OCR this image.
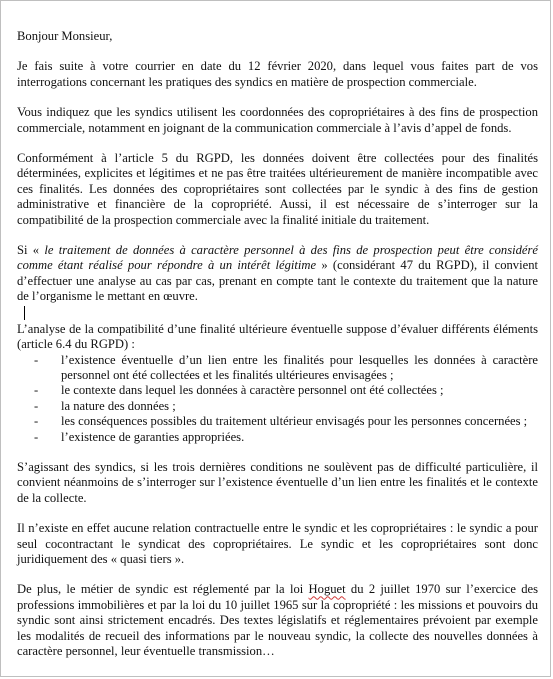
Bonjour Monsieur,

Je fais suite à votre courrier en date du 12 février 2020, dans lequel vous faites part de vos interrogations concernant les pratiques des syndics en matière de prospection commerciale.

Vous indiquez que les syndics utilisent les coordonnées des copropriétaires à des fins de prospection commerciale, notamment en joignant de la communication commerciale à l’avis d’appel de fonds.

Conformément à l’article 5 du RGPD, les données doivent être collectées pour des finalités déterminées, explicites et légitimes et ne pas être traitées ultérieurement de manière incompatible avec ces finalités. Les données des copropriétaires sont collectées par le syndic à des fins de gestion administrative et financière de la copropriété. Aussi, il est nécessaire de s’interroger sur la compatibilité de la prospection commerciale avec la finalité initiale du traitement.

Si « le traitement de données à caractère personnel à des fins de prospection peut être considéré comme étant réalisé pour répondre à un intérêt légitime » (considérant 47 du RGPD), il convient d’effectuer une analyse au cas par cas, prenant en compte tant le contexte du traitement que la nature de l’organisme le mettant en œuvre.

L’analyse de la compatibilité d’une finalité ultérieure éventuelle suppose d’évaluer différents éléments (article 6.4 du RGPD) :

- l’existence éventuelle d’un lien entre les finalités pour lesquelles les données à caractère personnel ont été collectées et les finalités ultérieures envisagées ;
- le contexte dans lequel les données à caractère personnel ont été collectées ;
- la nature des données ;
- les conséquences possibles du traitement ultérieur envisagés pour les personnes concernées ;
- l’existence de garanties appropriées.

S’agissant des syndics, si les trois dernières conditions ne soulèvent pas de difficulté particulière, il convient néanmoins de s’interroger sur l’existence éventuelle d’un lien entre les finalités et le contexte de la collecte.

Il n’existe en effet aucune relation contractuelle entre le syndic et les copropriétaires : le syndic a pour seul cocontractant le syndicat des copropriétaires. Le syndic et les copropriétaires sont donc juridiquement des « quasi tiers ».

De plus, le métier de syndic est réglementé par la loi Hoguet du 2 juillet 1970 sur l’exercice des professions immobilières et par la loi du 10 juillet 1965 sur la copropriété : les missions et pouvoirs du syndic sont ainsi strictement encadrés. Des textes législatifs et réglementaires prévoient par exemple les modalités de recueil des informations par le nouveau syndic, la collecte des nouvelles données à caractère personnel, leur éventuelle transmission…
